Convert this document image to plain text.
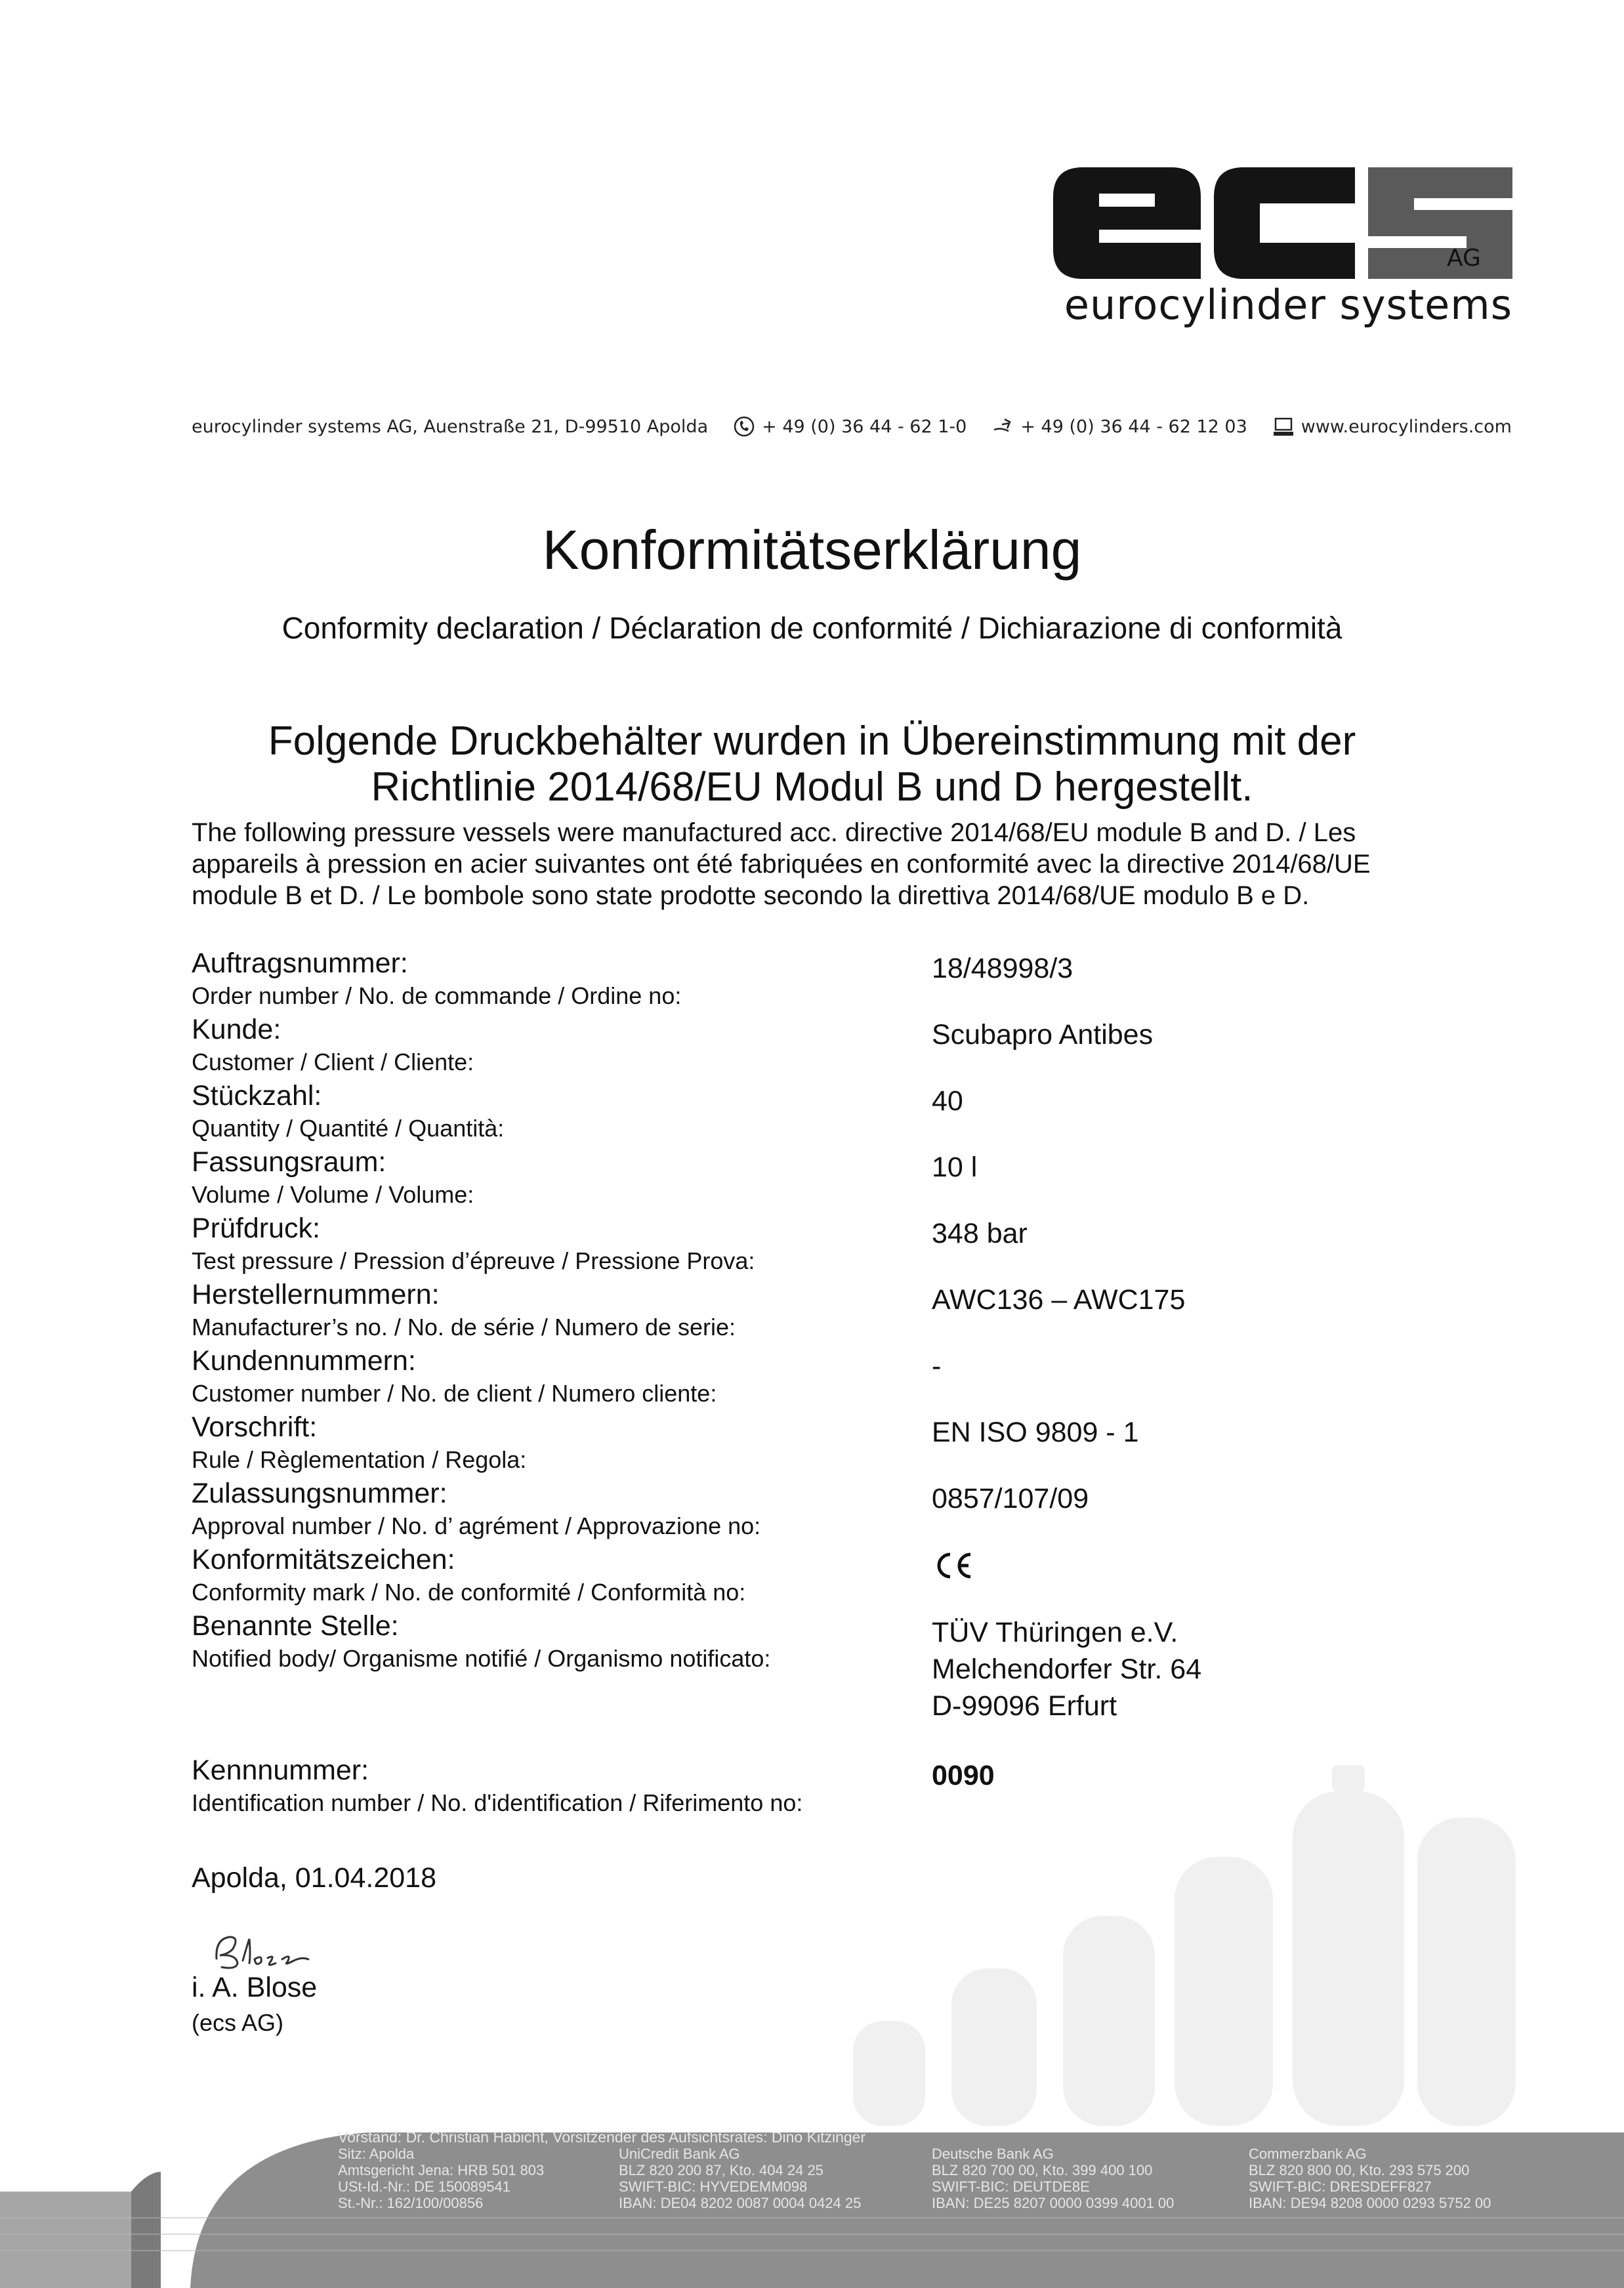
AG
eurocylinder systems
eurocylinder systems AG, Auenstraße 21, D-99510 Apolda	+ 49 (0) 36 44 - 62 1-0	+ 49 (0) 36 44 - 62 12 03	www.eurocylinders.com
Konformitätserklärung
Conformity declaration / Déclaration de conformité / Dichiarazione di conformità
Folgende Druckbehälter wurden in Übereinstimmung mit der
Richtlinie 2014/68/EU Modul B und D hergestellt.
The following pressure vessels were manufactured acc. directive 2014/68/EU module B and D. / Les
appareils à pression en acier suivantes ont été fabriquées en conformité avec la directive 2014/68/UE
module B et D. / Le bombole sono state prodotte secondo la direttiva 2014/68/UE modulo B e D.
Auftragsnummer:
Order number / No. de commande / Ordine no:
18/48998/3
Kunde:
Customer / Client / Cliente:
Scubapro Antibes
Stückzahl:
Quantity / Quantité / Quantità:
40
Fassungsraum:
Volume / Volume / Volume:
10 l
Prüfdruck:
Test pressure / Pression d’épreuve / Pressione Prova:
348 bar
Herstellernummern:
Manufacturer’s no. / No. de série / Numero de serie:
AWC136 – AWC175
Kundennummern:
Customer number / No. de client / Numero cliente:
-
Vorschrift:
Rule / Règlementation / Regola:
EN ISO 9809 - 1
Zulassungsnummer:
Approval number / No. d’ agrément / Approvazione no:
0857/107/09
Konformitätszeichen:
Conformity mark / No. de conformité / Conformità no:
Benannte Stelle:
Notified body/ Organisme notifié / Organismo notificato:
TÜV Thüringen e.V.
Melchendorfer Str. 64
D-99096 Erfurt
Kennnummer:
Identification number / No. d'identification / Riferimento no:
0090
Apolda, 01.04.2018
i. A. Blose
(ecs AG)
Vorstand: Dr. Christian Habicht, Vorsitzender des Aufsichtsrates: Dino Kitzinger
Sitz: Apolda
Amtsgericht Jena: HRB 501 803
USt-Id.-Nr.: DE 150089541
St.-Nr.: 162/100/00856
UniCredit Bank AG
BLZ 820 200 87, Kto. 404 24 25
SWIFT-BIC: HYVEDEMM098
IBAN: DE04 8202 0087 0004 0424 25
Deutsche Bank AG
BLZ 820 700 00, Kto. 399 400 100
SWIFT-BIC: DEUTDE8E
IBAN: DE25 8207 0000 0399 4001 00
Commerzbank AG
BLZ 820 800 00, Kto. 293 575 200
SWIFT-BIC: DRESDEFF827
IBAN: DE94 8208 0000 0293 5752 00
